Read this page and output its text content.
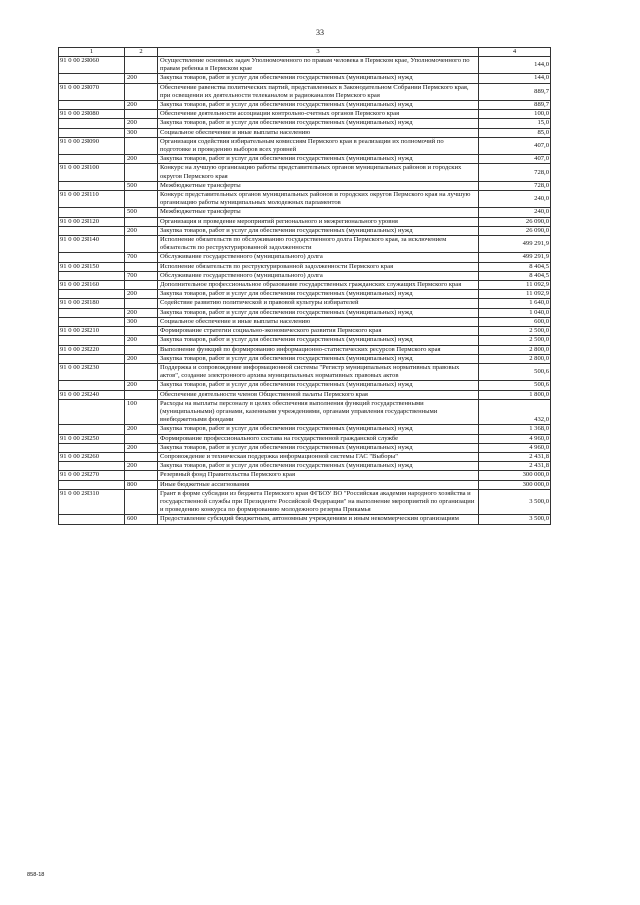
33
1	2	3	4
91 0 00 2Я060		Осуществление основных задач Уполномоченного по правам человека в Пермском крае, Уполномоченного по правам ребенка в Пермском крае	144,0
	200	Закупка товаров, работ и услуг для обеспечения государственных (муниципальных) нужд	144,0
91 0 00 2Я070		Обеспечение равенства политических партий, представленных в Законодательном Собрании Пермского края, при освещении их деятельности телеканалом и радиоканалом Пермского края	889,7
	200	Закупка товаров, работ и услуг для обеспечения государственных (муниципальных) нужд	889,7
91 0 00 2Я080		Обеспечение деятельности ассоциации контрольно-счетных органов Пермского края	100,0
	200	Закупка товаров, работ и услуг для обеспечения государственных (муниципальных) нужд	15,0
	300	Социальное обеспечение и иные выплаты населению	85,0
91 0 00 2Я090		Организация содействия избирательным комиссиям Пермского края в реализации их полномочий по подготовке и проведению выборов всех уровней	407,0
	200	Закупка товаров, работ и услуг для обеспечения государственных (муниципальных) нужд	407,0
91 0 00 2Я100		Конкурс на лучшую организацию работы представительных органов муниципальных районов и городских округов Пермского края	728,0
	500	Межбюджетные трансферты	728,0
91 0 00 2Я110		Конкурс представительных органов муниципальных районов и городских округов Пермского края на лучшую организацию работы муниципальных молодежных парламентов	240,0
	500	Межбюджетные трансферты	240,0
91 0 00 2Я120		Организация и проведение мероприятий регионального и межрегионального уровня	26 090,0
	200	Закупка товаров, работ и услуг для обеспечения государственных (муниципальных) нужд	26 090,0
91 0 00 2Я140		Исполнение обязательств по обслуживанию государственного долга Пермского края, за исключением обязательств по реструктурированной задолженности	499 291,9
	700	Обслуживание государственного (муниципального) долга	499 291,9
91 0 00 2Я150		Исполнение обязательств по реструктурированной задолженности Пермского края	8 404,5
	700	Обслуживание государственного (муниципального) долга	8 404,5
91 0 00 2Я160		Дополнительное профессиональное образование государственных гражданских служащих Пермского края	11 092,9
	200	Закупка товаров, работ и услуг для обеспечения государственных (муниципальных) нужд	11 092,9
91 0 00 2Я180		Содействие развитию политической и правовой культуры избирателей	1 640,0
	200	Закупка товаров, работ и услуг для обеспечения государственных (муниципальных) нужд	1 040,0
	300	Социальное обеспечение и иные выплаты населению	600,0
91 0 00 2Я210		Формирование стратегии социально-экономического развития Пермского края	2 500,0
	200	Закупка товаров, работ и услуг для обеспечения государственных (муниципальных) нужд	2 500,0
91 0 00 2Я220		Выполнение функций по формированию информационно-статистических ресурсов Пермского края	2 800,0
	200	Закупка товаров, работ и услуг для обеспечения государственных (муниципальных) нужд	2 800,0
91 0 00 2Я230		Поддержка и сопровождение информационной системы "Регистр муниципальных нормативных правовых актов", создание электронного архива муниципальных нормативных правовых актов	500,6
	200	Закупка товаров, работ и услуг для обеспечения государственных (муниципальных) нужд	500,6
91 0 00 2Я240		Обеспечение деятельности членов Общественной палаты Пермского края	1 800,0
	100	Расходы на выплаты персоналу в целях обеспечения выполнения функций государственными (муниципальными) органами, казенными учреждениями, органами управления государственными внебюджетными фондами	432,0
	200	Закупка товаров, работ и услуг для обеспечения государственных (муниципальных) нужд	1 368,0
91 0 00 2Я250		Формирование профессионального состава на государственной гражданской службе	4 960,0
	200	Закупка товаров, работ и услуг для обеспечения государственных (муниципальных) нужд	4 960,0
91 0 00 2Я260		Сопровождение и техническая поддержка информационной системы ГАС "Выборы"	2 431,8
	200	Закупка товаров, работ и услуг для обеспечения государственных (муниципальных) нужд	2 431,8
91 0 00 2Я270		Резервный фонд Правительства Пермского края	300 000,0
	800	Иные бюджетные ассигнования	300 000,0
91 0 00 2Я310		Грант в форме субсидии из бюджета Пермского края ФГБОУ ВО "Российская академия народного хозяйства и государственной службы при Президенте Российской Федерации" на выполнение мероприятий по организации и проведению конкурса по формированию молодежного резерва Прикамья	3 500,0
	600	Предоставление субсидий бюджетным, автономным учреждениям и иным некоммерческим организациям	3 500,0
858-18
